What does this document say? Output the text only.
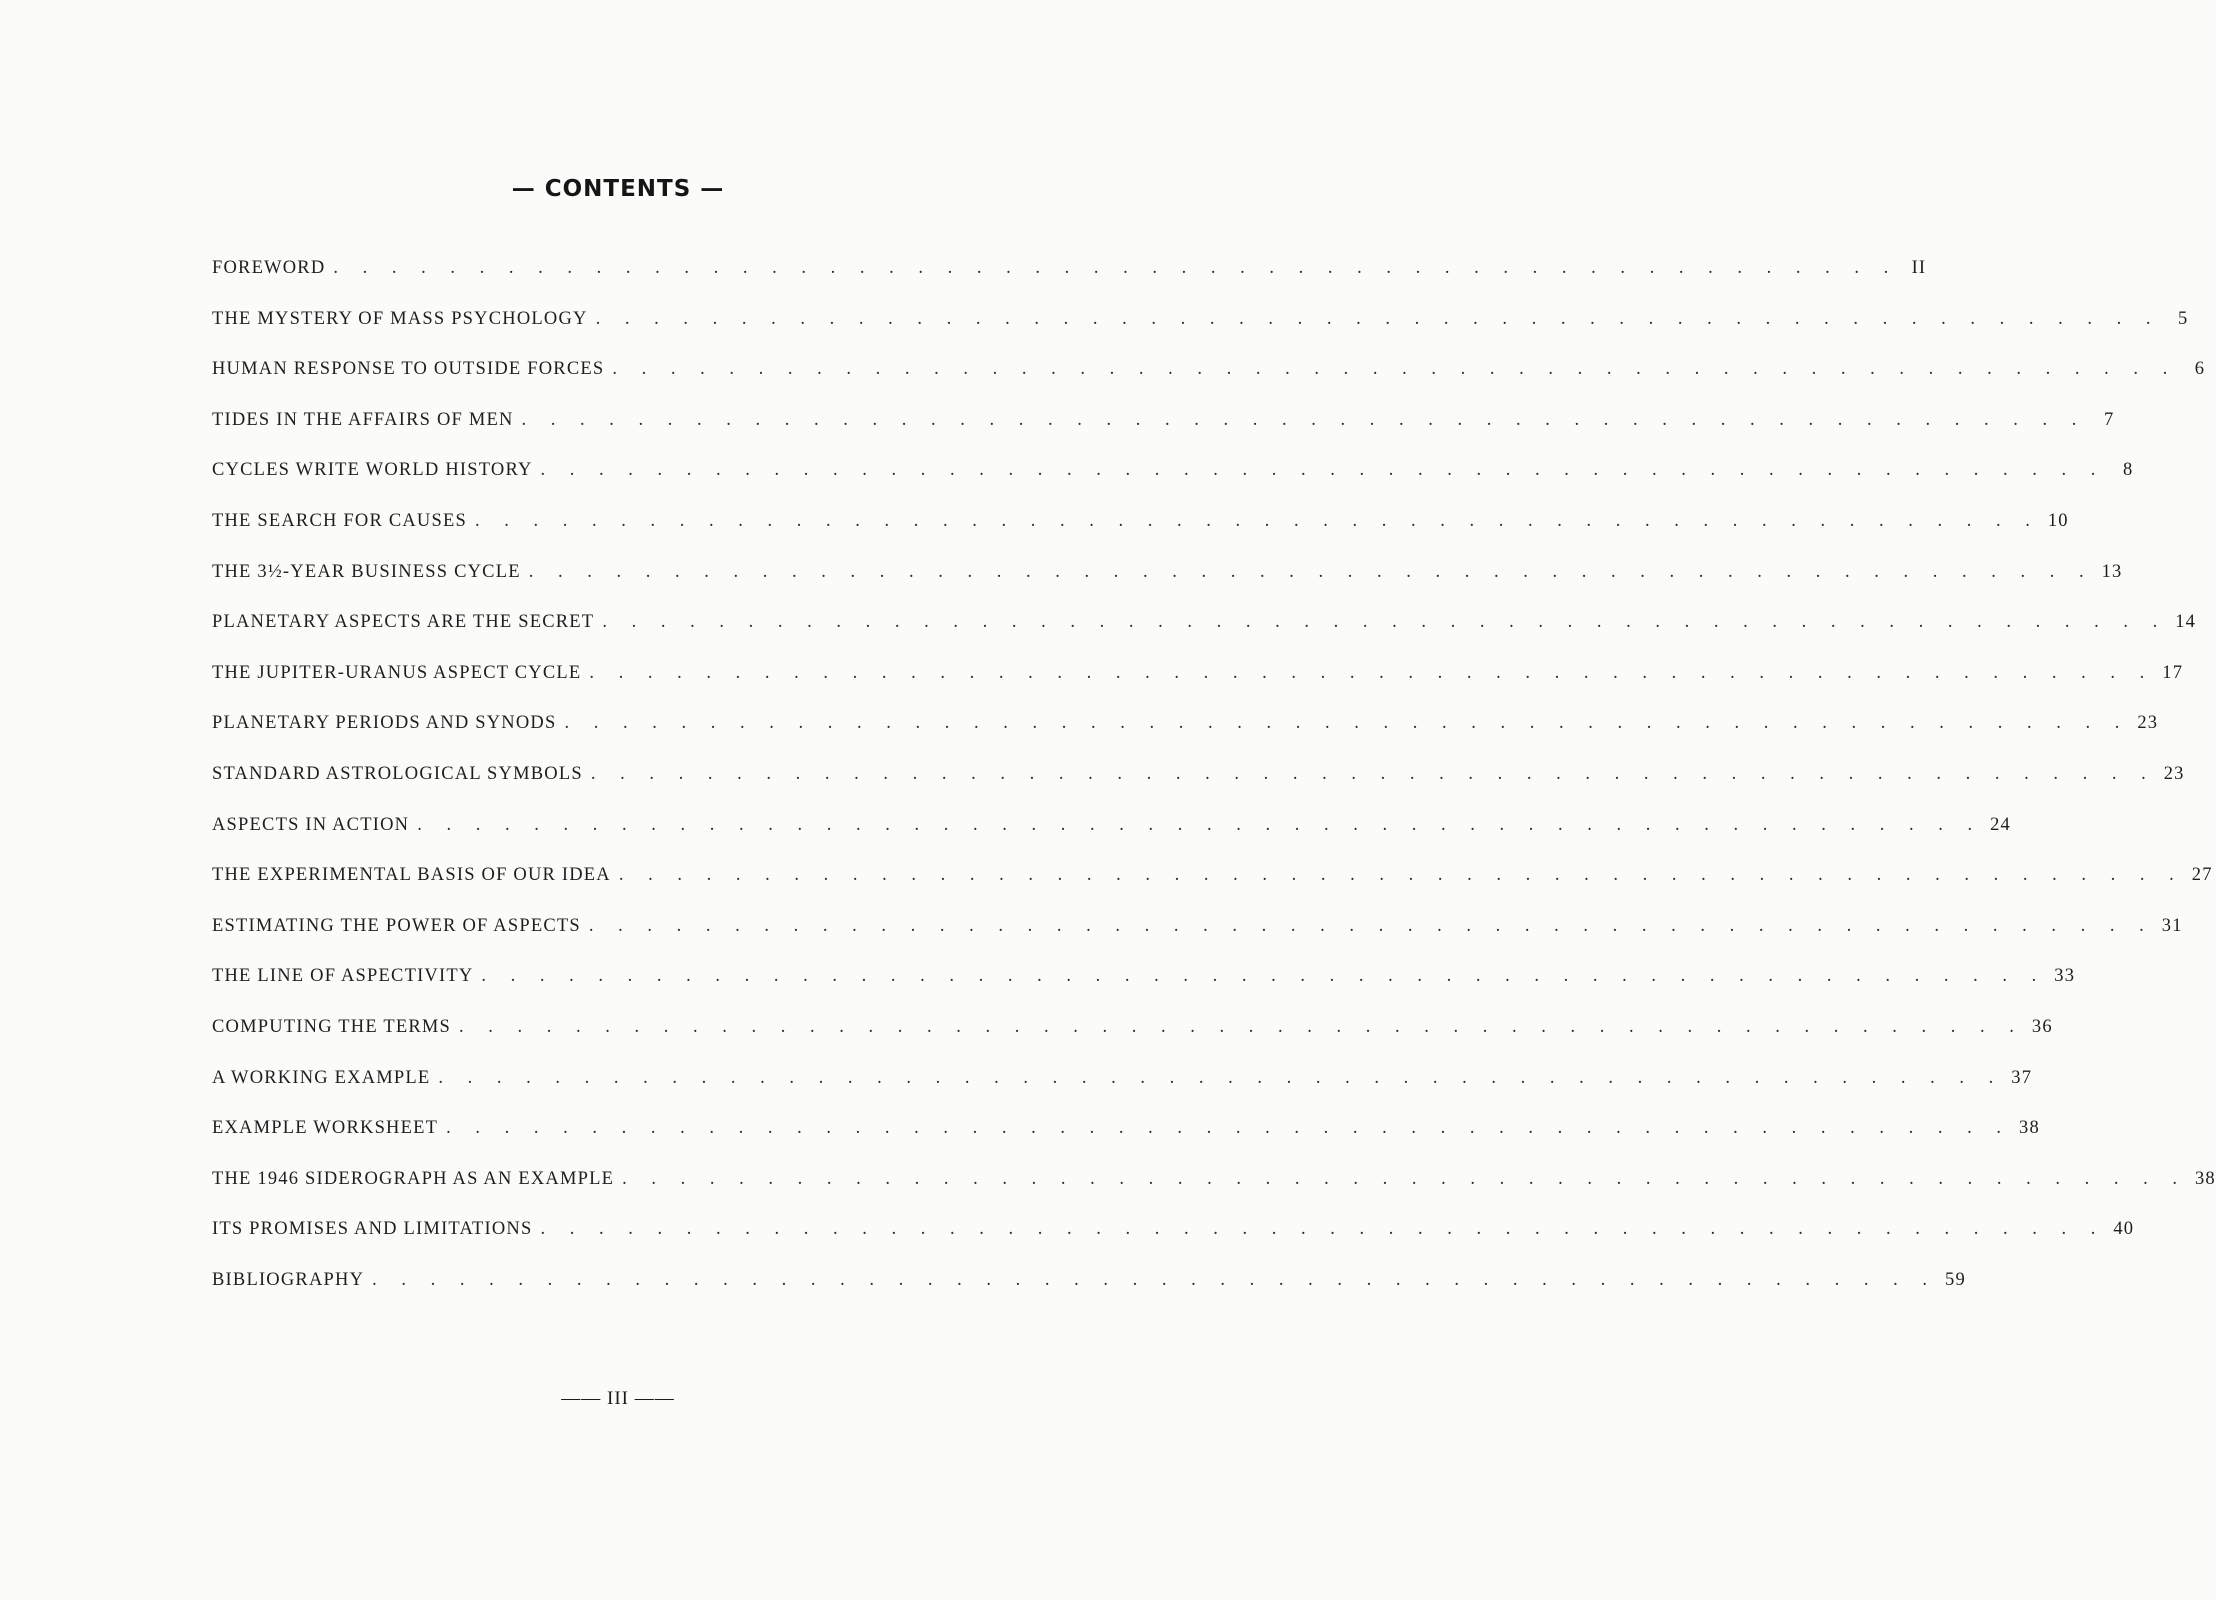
— CONTENTS —
FOREWORD . . . . . . . . . . . . . . . . . . . . . . . . . . . . . . . . . . . . . . . . . . . . . . . . . . . . . . II
THE MYSTERY OF MASS PSYCHOLOGY . . . . . . . . . . . . . . . . . . . . . . . . . . . . . . . . . . . . . . . . . . . . . . . . . . . . . . 5
HUMAN RESPONSE TO OUTSIDE FORCES . . . . . . . . . . . . . . . . . . . . . . . . . . . . . . . . . . . . . . . . . . . . . . . . . . . . . . 6
TIDES IN THE AFFAIRS OF MEN . . . . . . . . . . . . . . . . . . . . . . . . . . . . . . . . . . . . . . . . . . . . . . . . . . . . . . 7
CYCLES WRITE WORLD HISTORY . . . . . . . . . . . . . . . . . . . . . . . . . . . . . . . . . . . . . . . . . . . . . . . . . . . . . . 8
THE SEARCH FOR CAUSES . . . . . . . . . . . . . . . . . . . . . . . . . . . . . . . . . . . . . . . . . . . . . . . . . . . . . . 10
THE 3½-YEAR BUSINESS CYCLE . . . . . . . . . . . . . . . . . . . . . . . . . . . . . . . . . . . . . . . . . . . . . . . . . . . . . . 13
PLANETARY ASPECTS ARE THE SECRET . . . . . . . . . . . . . . . . . . . . . . . . . . . . . . . . . . . . . . . . . . . . . . . . . . . . . . 14
THE JUPITER-URANUS ASPECT CYCLE . . . . . . . . . . . . . . . . . . . . . . . . . . . . . . . . . . . . . . . . . . . . . . . . . . . . . . 17
PLANETARY PERIODS AND SYNODS . . . . . . . . . . . . . . . . . . . . . . . . . . . . . . . . . . . . . . . . . . . . . . . . . . . . . . 23
STANDARD ASTROLOGICAL SYMBOLS . . . . . . . . . . . . . . . . . . . . . . . . . . . . . . . . . . . . . . . . . . . . . . . . . . . . . . 23
ASPECTS IN ACTION . . . . . . . . . . . . . . . . . . . . . . . . . . . . . . . . . . . . . . . . . . . . . . . . . . . . . . 24
THE EXPERIMENTAL BASIS OF OUR IDEA . . . . . . . . . . . . . . . . . . . . . . . . . . . . . . . . . . . . . . . . . . . . . . . . . . . . . . 27
ESTIMATING THE POWER OF ASPECTS . . . . . . . . . . . . . . . . . . . . . . . . . . . . . . . . . . . . . . . . . . . . . . . . . . . . . . 31
THE LINE OF ASPECTIVITY . . . . . . . . . . . . . . . . . . . . . . . . . . . . . . . . . . . . . . . . . . . . . . . . . . . . . . 33
COMPUTING THE TERMS . . . . . . . . . . . . . . . . . . . . . . . . . . . . . . . . . . . . . . . . . . . . . . . . . . . . . . 36
A WORKING EXAMPLE . . . . . . . . . . . . . . . . . . . . . . . . . . . . . . . . . . . . . . . . . . . . . . . . . . . . . . 37
EXAMPLE WORKSHEET . . . . . . . . . . . . . . . . . . . . . . . . . . . . . . . . . . . . . . . . . . . . . . . . . . . . . . 38
THE 1946 SIDEROGRAPH AS AN EXAMPLE . . . . . . . . . . . . . . . . . . . . . . . . . . . . . . . . . . . . . . . . . . . . . . . . . . . . . . 38
ITS PROMISES AND LIMITATIONS . . . . . . . . . . . . . . . . . . . . . . . . . . . . . . . . . . . . . . . . . . . . . . . . . . . . . . 40
BIBLIOGRAPHY . . . . . . . . . . . . . . . . . . . . . . . . . . . . . . . . . . . . . . . . . . . . . . . . . . . . . . 59
—— III ——
